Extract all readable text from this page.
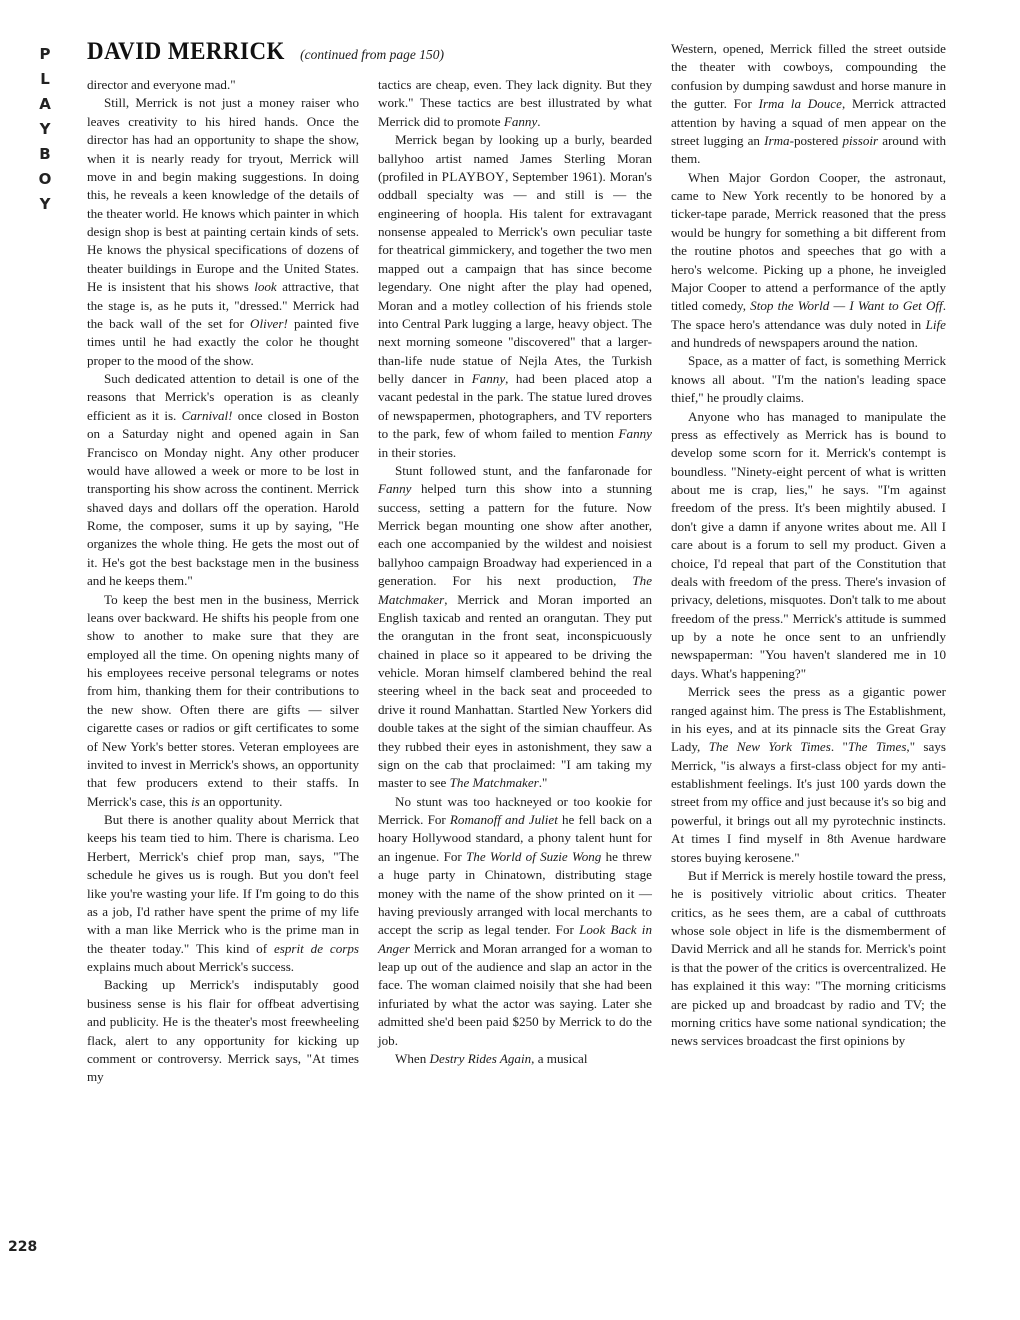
P
L
A
Y
B
O
Y
DAVID MERRICK (continued from page 150)

director and everyone mad."

Still, Merrick is not just a money raiser who leaves creativity to his hired hands. Once the director has had an opportunity to shape the show, when it is nearly ready for tryout, Merrick will move in and begin making suggestions. In doing this, he reveals a keen knowledge of the details of the theater world. He knows which painter in which design shop is best at painting certain kinds of sets. He knows the physical specifications of dozens of theater buildings in Europe and the United States. He is insistent that his shows look attractive, that the stage is, as he puts it, "dressed." Merrick had the back wall of the set for Oliver! painted five times until he had exactly the color he thought proper to the mood of the show.

Such dedicated attention to detail is one of the reasons that Merrick's operation is as cleanly efficient as it is. Carnival! once closed in Boston on a Saturday night and opened again in San Francisco on Monday night. Any other producer would have allowed a week or more to be lost in transporting his show across the continent. Merrick shaved days and dollars off the operation. Harold Rome, the composer, sums it up by saying, "He organizes the whole thing. He gets the most out of it. He's got the best backstage men in the business and he keeps them."

To keep the best men in the business, Merrick leans over backward. He shifts his people from one show to another to make sure that they are employed all the time. On opening nights many of his employees receive personal telegrams or notes from him, thanking them for their contributions to the new show. Often there are gifts — silver cigarette cases or radios or gift certificates to some of New York's better stores. Veteran employees are invited to invest in Merrick's shows, an opportunity that few producers extend to their staffs. In Merrick's case, this is an opportunity.

But there is another quality about Merrick that keeps his team tied to him. There is charisma. Leo Herbert, Merrick's chief prop man, says, "The schedule he gives us is rough. But you don't feel like you're wasting your life. If I'm going to do this as a job, I'd rather have spent the prime of my life with a man like Merrick who is the prime man in the theater today." This kind of esprit de corps explains much about Merrick's success.

Backing up Merrick's indisputably good business sense is his flair for offbeat advertising and publicity. He is the theater's most freewheeling flack, alert to any opportunity for kicking up comment or controversy. Merrick says, "At times my

tactics are cheap, even. They lack dignity. But they work." These tactics are best illustrated by what Merrick did to promote Fanny.

Merrick began by looking up a burly, bearded ballyhoo artist named James Sterling Moran (profiled in PLAYBOY, September 1961). Moran's oddball specialty was — and still is — the engineering of hoopla. His talent for extravagant nonsense appealed to Merrick's own peculiar taste for theatrical gimmickery, and together the two men mapped out a campaign that has since become legendary. One night after the play had opened, Moran and a motley collection of his friends stole into Central Park lugging a large, heavy object. The next morning someone "discovered" that a larger-than-life nude statue of Nejla Ates, the Turkish belly dancer in Fanny, had been placed atop a vacant pedestal in the park. The statue lured droves of newspapermen, photographers, and TV reporters to the park, few of whom failed to mention Fanny in their stories.

Stunt followed stunt, and the fanfaronade for Fanny helped turn this show into a stunning success, setting a pattern for the future. Now Merrick began mounting one show after another, each one accompanied by the wildest and noisiest ballyhoo campaign Broadway had experienced in a generation. For his next production, The Matchmaker, Merrick and Moran imported an English taxicab and rented an orangutan. They put the orangutan in the front seat, inconspicuously chained in place so it appeared to be driving the vehicle. Moran himself clambered behind the real steering wheel in the back seat and proceeded to drive it round Manhattan. Startled New Yorkers did double takes at the sight of the simian chauffeur. As they rubbed their eyes in astonishment, they saw a sign on the cab that proclaimed: "I am taking my master to see The Matchmaker."

No stunt was too hackneyed or too kookie for Merrick. For Romanoff and Juliet he fell back on a hoary Hollywood standard, a phony talent hunt for an ingenue. For The World of Suzie Wong he threw a huge party in Chinatown, distributing stage money with the name of the show printed on it — having previously arranged with local merchants to accept the scrip as legal tender. For Look Back in Anger Merrick and Moran arranged for a woman to leap up out of the audience and slap an actor in the face. The woman claimed noisily that she had been infuriated by what the actor was saying. Later she admitted she'd been paid $250 by Merrick to do the job.

When Destry Rides Again, a musical

Western, opened, Merrick filled the street outside the theater with cowboys, compounding the confusion by dumping sawdust and horse manure in the gutter. For Irma la Douce, Merrick attracted attention by having a squad of men appear on the street lugging an Irma-postered pissoir around with them.

When Major Gordon Cooper, the astronaut, came to New York recently to be honored by a ticker-tape parade, Merrick reasoned that the press would be hungry for something a bit different from the routine photos and speeches that go with a hero's welcome. Picking up a phone, he inveigled Major Cooper to attend a performance of the aptly titled comedy, Stop the World — I Want to Get Off. The space hero's attendance was duly noted in Life and hundreds of newspapers around the nation.

Space, as a matter of fact, is something Merrick knows all about. "I'm the nation's leading space thief," he proudly claims.

Anyone who has managed to manipulate the press as effectively as Merrick has is bound to develop some scorn for it. Merrick's contempt is boundless. "Ninety-eight percent of what is written about me is crap, lies," he says. "I'm against freedom of the press. It's been mightily abused. I don't give a damn if anyone writes about me. All I care about is a forum to sell my product. Given a choice, I'd repeal that part of the Constitution that deals with freedom of the press. There's invasion of privacy, deletions, misquotes. Don't talk to me about freedom of the press." Merrick's attitude is summed up by a note he once sent to an unfriendly newspaperman: "You haven't slandered me in 10 days. What's happening?"

Merrick sees the press as a gigantic power ranged against him. The press is The Establishment, in his eyes, and at its pinnacle sits the Great Gray Lady, The New York Times. "The Times," says Merrick, "is always a first-class object for my anti-establishment feelings. It's just 100 yards down the street from my office and just because it's so big and powerful, it brings out all my pyrotechnic instincts. At times I find myself in 8th Avenue hardware stores buying kerosene."

But if Merrick is merely hostile toward the press, he is positively vitriolic about critics. Theater critics, as he sees them, are a cabal of cutthroats whose sole object in life is the dismemberment of David Merrick and all he stands for. Merrick's point is that the power of the critics is overcentralized. He has explained it this way: "The morning criticisms are picked up and broadcast by radio and TV; the morning critics have some national syndication; the news services broadcast the first opinions by

228
